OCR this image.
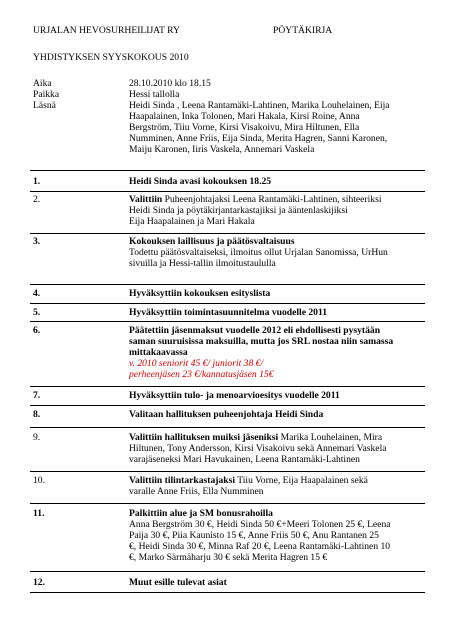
URJALAN HEVOSURHEILIJAT RY	PÖYTÄKIRJA
YHDISTYKSEN SYYSKOKOUS 2010
Aika	28.10.2010 klo 18.15
Paikka	Hessi tallolla
Läsnä	Heidi Sinda , Leena Rantamäki-Lahtinen, Marika Louhelainen, Eija
Haapalainen, Inka Tolonen, Mari Hakala, Kirsi Roine, Anna
Bergström, Tiiu Vorne, Kirsi Visakoivu, Mira Hiltunen, Ella
Numminen, Anne Friis, Eija Sinda, Merita Hagren, Sanni Karonen,
Maiju Karonen, Iiris Vaskela, Annemari Vaskela
1.	Heidi Sinda avasi kokouksen 18.25
2.	Valittiin Puheenjohtajaksi Leena Rantamäki-Lahtinen, sihteeriksi
Heidi Sinda ja pöytäkirjantarkastajiksi ja ääntenlaskijiksi
Eija Haapalainen ja Mari Hakala
3.	Kokouksen laillisuus ja päätösvaltaisuus
Todettu päätösvaltaiseksi, ilmoitus ollut Urjalan Sanomissa, UrHun
sivuilla ja Hessi-tallin ilmoitustaululla
4.	Hyväksyttiin kokouksen esityslista
5.	Hyväksyttiin toimintasuunnitelma vuodelle 2011
6.	Päätettiin jäsenmaksut vuodelle 2012 eli ehdollisesti pysytään
saman suuruisissa maksuilla, mutta jos SRL nostaa niin samassa
mittakaavassa
v. 2010 seniorit 45 €/ juniorit 38 €/
perheenjäsen 23 €/kannatusjäsen 15€
7.	Hyväksyttiin tulo- ja menoarvioesitys vuodelle 2011
8.	Valitaan hallituksen puheenjohtaja Heidi Sinda
9.	Valittiin hallituksen muiksi jäseniksi Marika Louhelainen, Mira
Hiltunen, Tony Andersson, Kirsi Visakoivu sekä Annemari Vaskela
varajäseneksi Mari Havukainen, Leena Rantamäki-Lahtinen
10.	Valittiin tilintarkastajaksi Tiiu Vorne, Eija Haapalainen sekä
varalle Anne Friis, Ella Numminen
11.	Palkittiin alue ja SM bonusrahoilla
Anna Bergström 30 €, Heidi Sinda 50 €+Meeri Tolonen 25 €, Leena
Paija 30 €, Piia Kaunisto 15 €, Anne Friis 50 €, Anu Rantanen 25
€, Heidi Sinda 30 €, Minna Raf 20 €, Leena Rantamäki-Lahtinen 10
€, Marko Särmäharju 30 € sekä Merita Hagren 15 €
12.	Muut esille tulevat asiat
